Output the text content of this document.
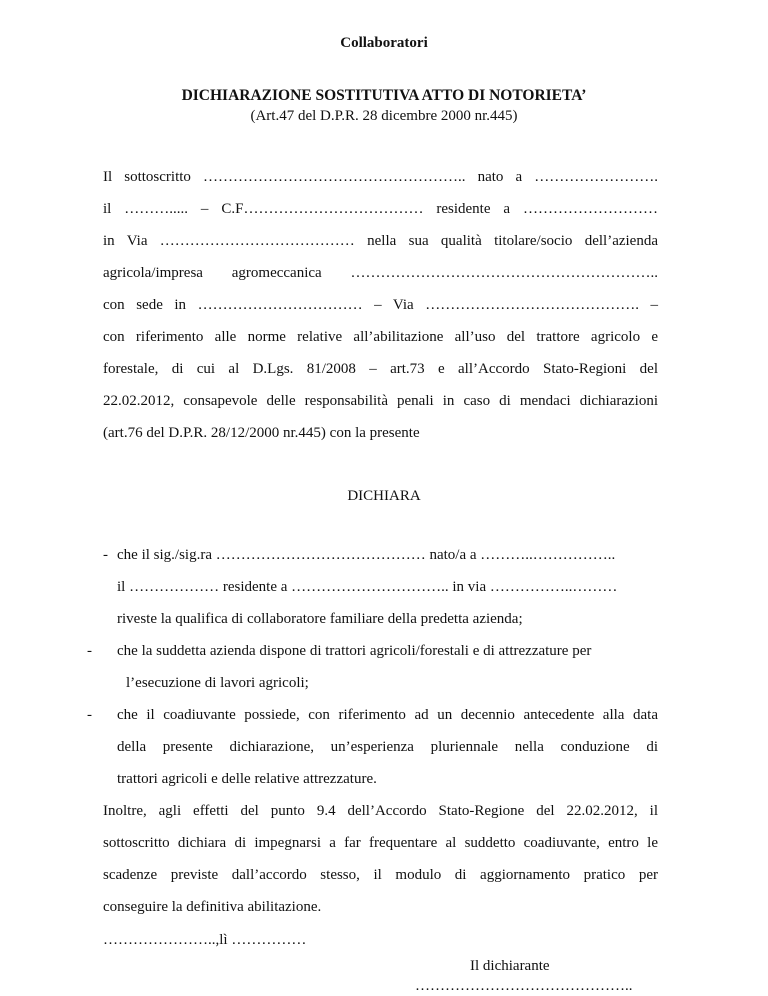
Collaboratori
DICHIARAZIONE SOSTITUTIVA ATTO DI NOTORIETA’
(Art.47 del D.P.R. 28 dicembre 2000 nr.445)
Il sottoscritto …………………………………………….. nato a …………………….
il ………..... – C.F……………………………… residente a ………………………
in Via ………………………………… nella sua qualità titolare/socio dell’azienda
agricola/impresa agromeccanica ……………………………………………………..
con sede in …………………………… – Via ……………………………………. –
con riferimento alle norme relative all’abilitazione all’uso del trattore agricolo e
forestale, di cui al D.Lgs. 81/2008 – art.73 e all’Accordo Stato-Regioni del
22.02.2012, consapevole delle responsabilità penali in caso di mendaci dichiarazioni
(art.76 del D.P.R. 28/12/2000 nr.445) con la presente
DICHIARA
- che il sig./sig.ra …………………………………… nato/a a ………..……………..
il ……………… residente a ………………………….. in via ……………..………
riveste la qualifica di collaboratore familiare della predetta azienda;
- che la suddetta azienda dispone di trattori agricoli/forestali e di attrezzature per
l’esecuzione di lavori agricoli;
- che il coadiuvante possiede, con riferimento ad un decennio antecedente alla data
della presente dichiarazione, un’esperienza pluriennale nella conduzione di
trattori agricoli e delle relative attrezzature.
Inoltre, agli effetti del punto 9.4 dell’Accordo Stato-Regione del 22.02.2012, il
sottoscritto dichiara di impegnarsi a far frequentare al suddetto coadiuvante, entro le
scadenze previste dall’accordo stesso, il modulo di aggiornamento pratico per
conseguire la definitiva abilitazione.
…………………..,lì ……………
Il dichiarante
……………………………………..
